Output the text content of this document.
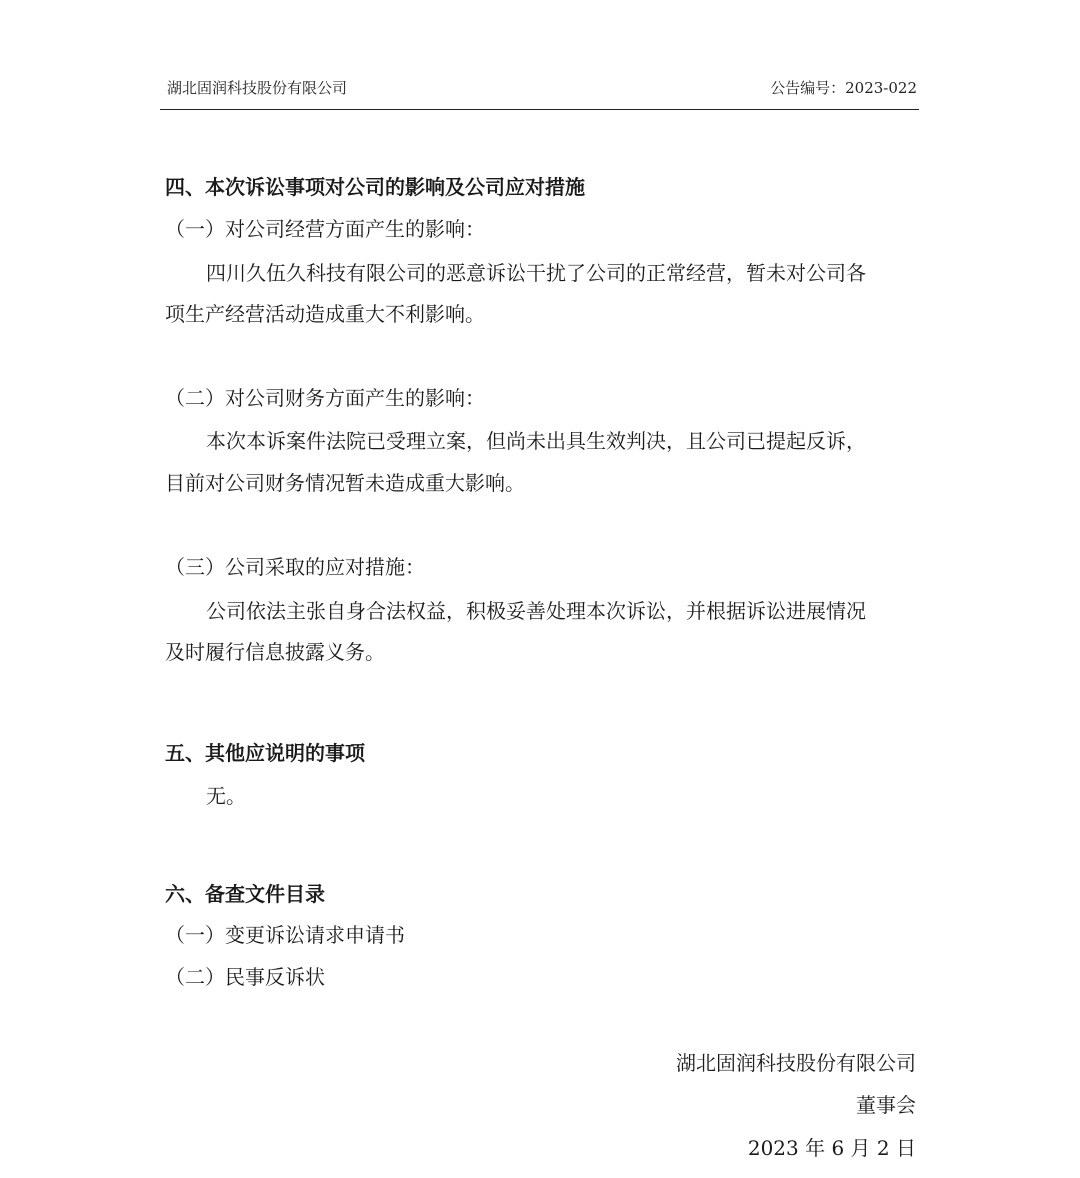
湖北固润科技股份有限公司	公告编号：2023-022
四、本次诉讼事项对公司的影响及公司应对措施
（一）对公司经营方面产生的影响：
四川久伍久科技有限公司的恶意诉讼干扰了公司的正常经营，暂未对公司各
项生产经营活动造成重大不利影响。
（二）对公司财务方面产生的影响：
本次本诉案件法院已受理立案，但尚未出具生效判决，且公司已提起反诉，
目前对公司财务情况暂未造成重大影响。
（三）公司采取的应对措施：
公司依法主张自身合法权益，积极妥善处理本次诉讼，并根据诉讼进展情况
及时履行信息披露义务。
五、其他应说明的事项
无。
六、备查文件目录
（一）变更诉讼请求申请书
（二）民事反诉状
湖北固润科技股份有限公司
董事会
2023 年 6 月 2 日
